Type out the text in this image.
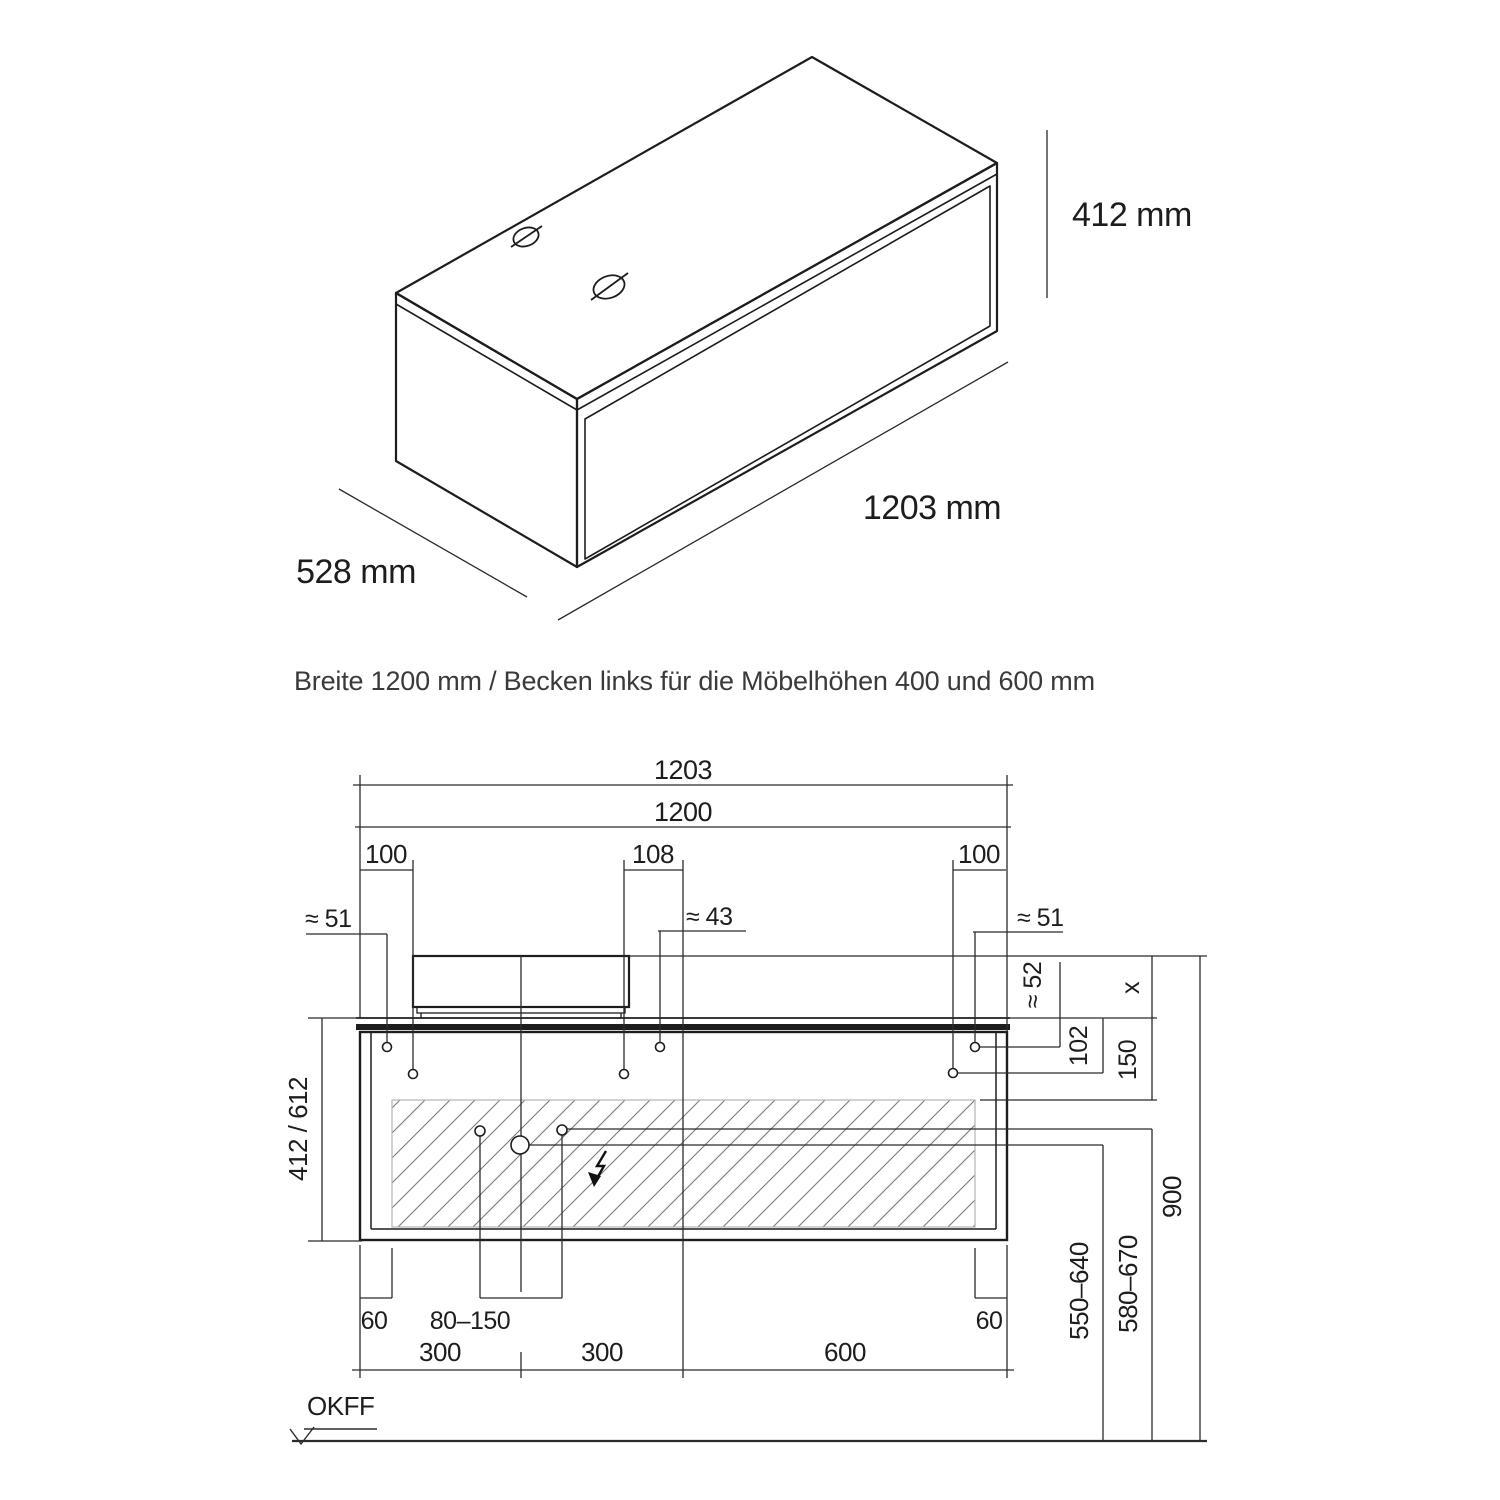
412 mm
1203 mm
528 mm
Breite 1200 mm / Becken links für die Möbelhöhen 400 und 600 mm
1203
1200
100	108	100
≈ 51	≈ 43	≈ 51
≈ 52	x
102 150
412 / 612
900
550–640 580–670
60 80–150	60
300	300	600
OKFF
